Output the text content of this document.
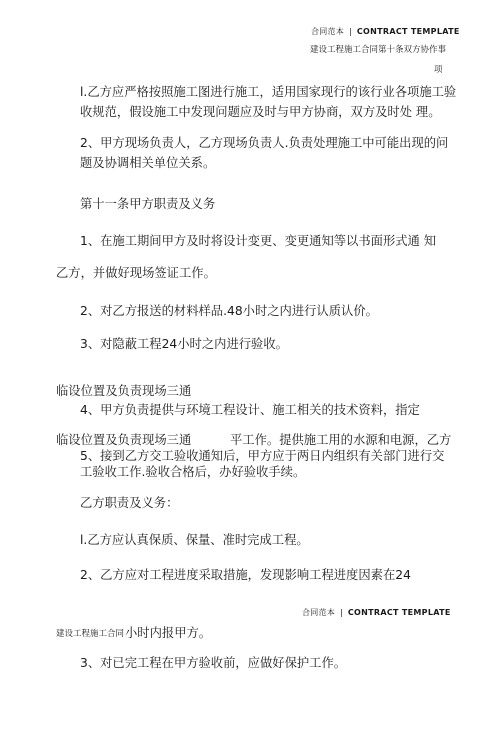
合同范本 | CONTRACT TEMPLATE
建设工程施工合同第十条双方协作事
项
l.乙方应严格按照施工图进行施工，适用国家现行的该行业各项施工验收规范，假设施工中发现问题应及时与甲方协商，双方及时处 理。
2、甲方现场负责人，乙方现场负责人.负责处理施工中可能出现的问题及协调相关单位关系。
第十一条甲方职责及义务
1、在施工期间甲方及时将设计变更、变更通知等以书面形式通 知
乙方，并做好现场签证工作。
2、对乙方报送的材料样品.48小时之内进行认质认价。
3、对隐蔽工程24小时之内进行验收。
临设位置及负责现场三通
4、甲方负责提供与环境工程设计、施工相关的技术资料，指定
临设位置及负责现场三通	平工作。提供施工用的水源和电源，乙方
5、接到乙方交工验收通知后，甲方应于两日内组织有关部门进行交
工验收工作.验收合格后，办好验收手续。
乙方职责及义务：
l.乙方应认真保质、保量、准时完成工程。
2、乙方应对工程进度采取措施，发现影响工程进度因素在24
合同范本 | CONTRACT TEMPLATE
建设工程施工合同 小时内报甲方。
3、对已完工程在甲方验收前，应做好保护工作。
